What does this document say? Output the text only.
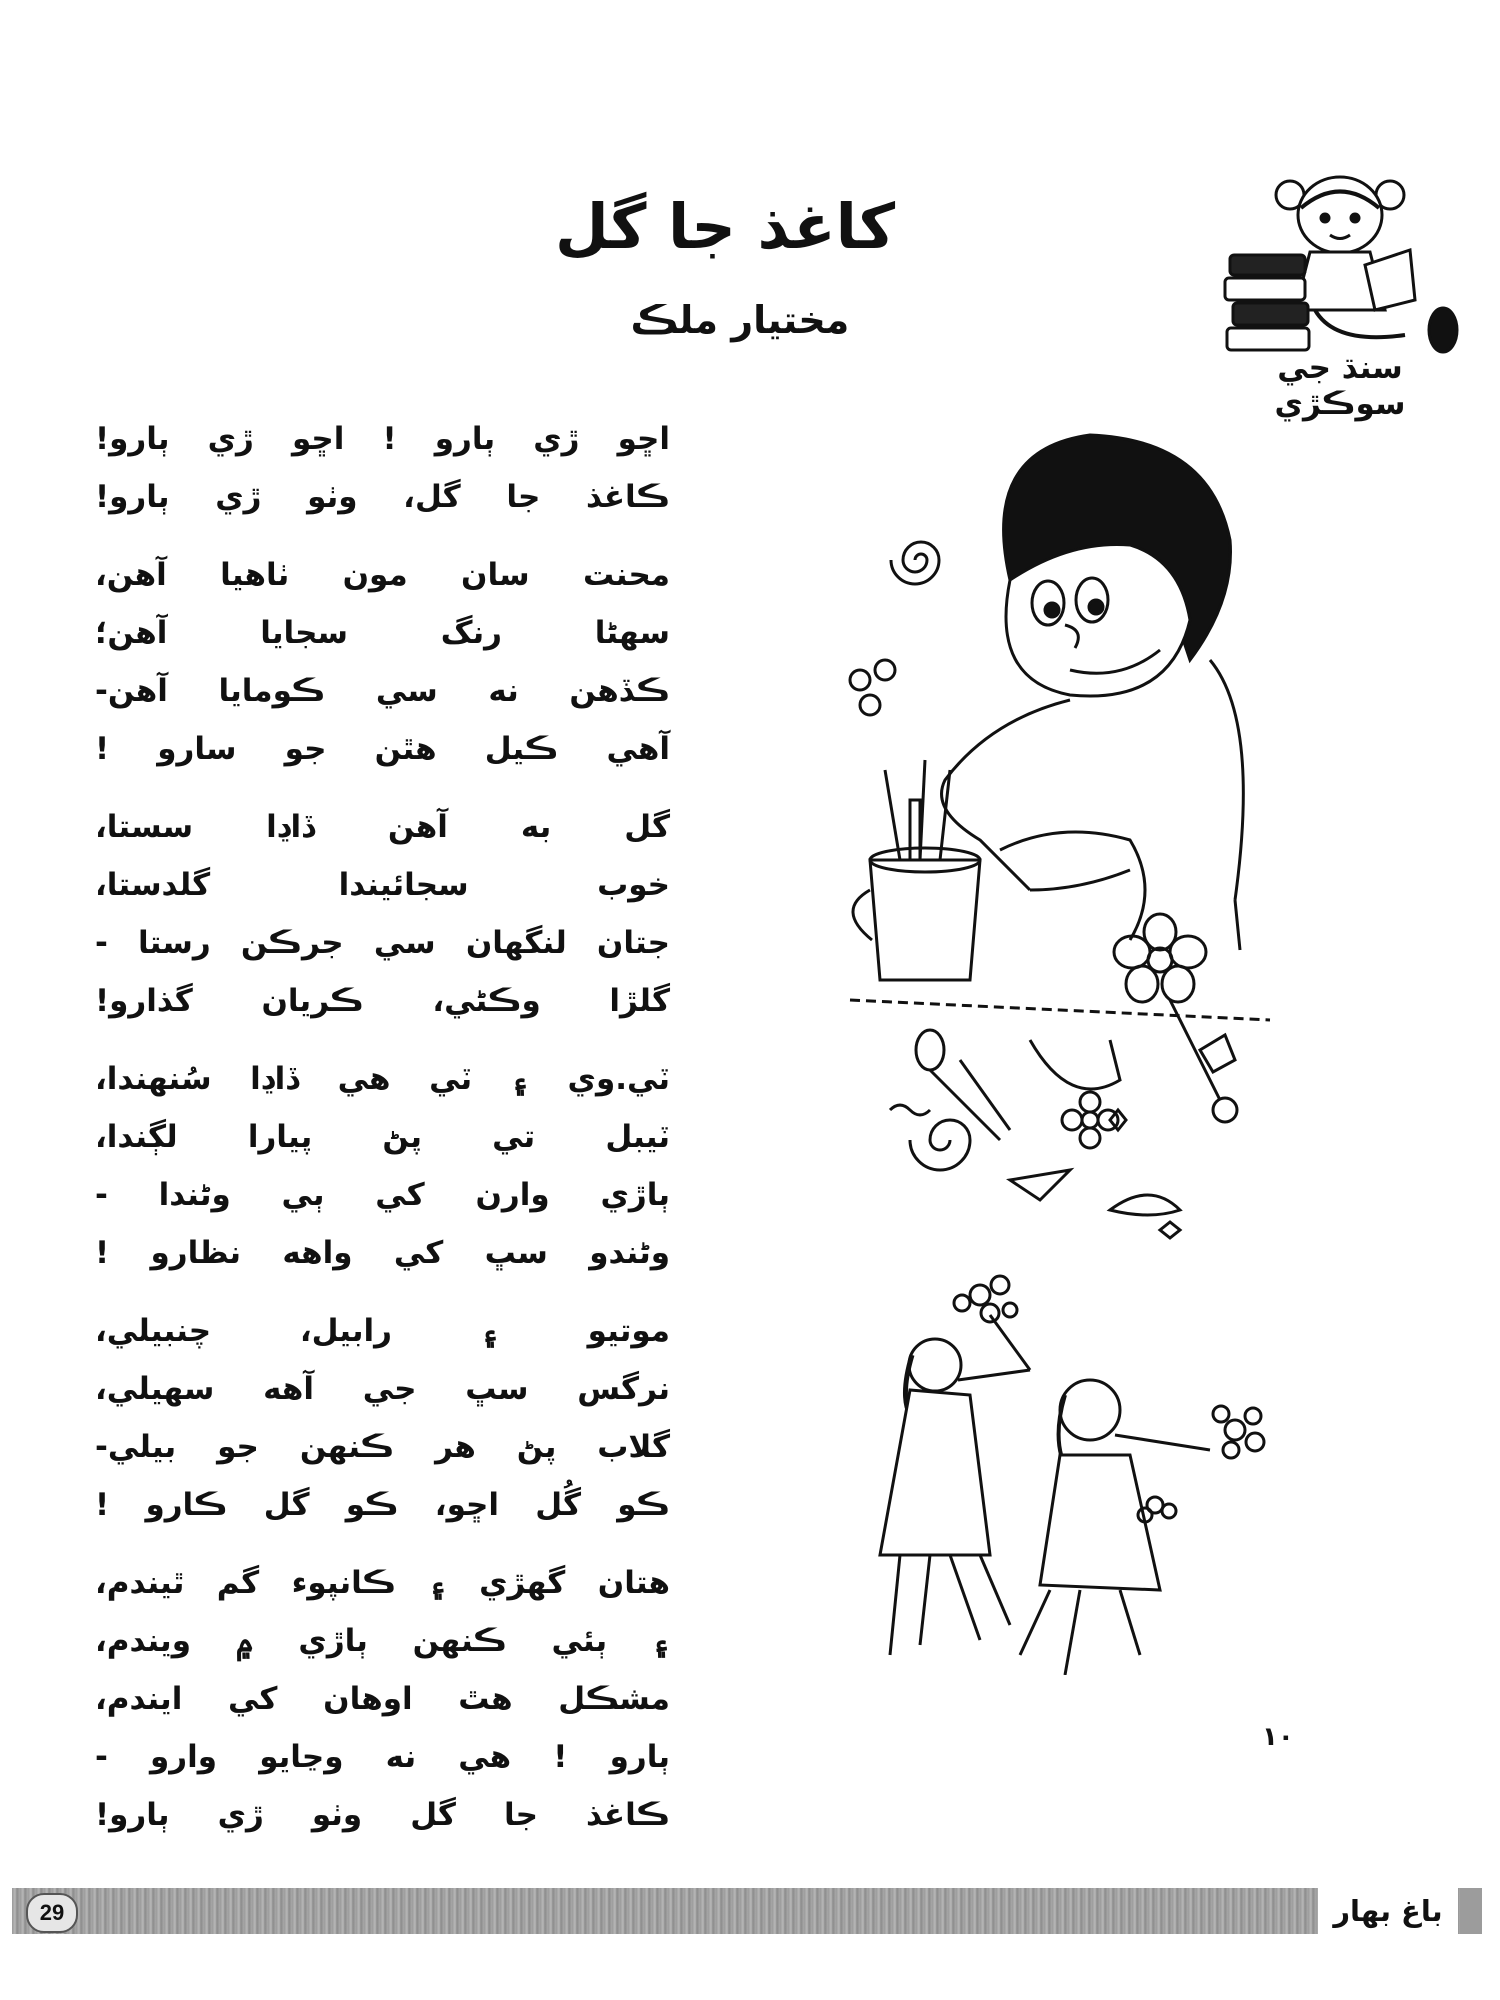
كاغذ جا گل
مختيار ملڪ
سنڌ جي سوڪڙي
اڇو ڙي ٻارو ! اڇو ڙي ٻارو!
ڪاغذ جا گل، وٺو ڙي ٻارو!
محنت سان مون ٺاهيا آهن،
سهڻا رنگ سجايا آهن؛
ڪڏهن نه سي ڪومايا آهن-
آهي ڪيل هٿن جو سارو !
گل به آهن ڏاڍا سستا،
خوب سجائيندا گلدستا،
جتان لنگهان سي جرڪن رستا -
گلڙا وڪڻي، ڪريان گذارو!
ٽي.وي ۽ ٽي هي ڏاڍا سُنهندا،
ٽيبل تي پڻ پيارا لڳندا،
ٻاڙي وارن کي ٻي وڻندا -
وڻندو سڀ کي واهه نظارو !
موتيو ۽ رابيل، چنبيلي،
نرگس سڀ جي آهه سهيلي،
گلاب پڻ هر ڪنهن جو بيلي-
ڪو گُل اڇو، ڪو گل ڪارو !
هتان گهڙي ۽ ڪانپوء گم ٿيندم،
۽ ٻئي ڪنهن ٻاڙي ۾ ويندم،
مشڪل هٿ اوهان کي ايندم،
ٻارو ! هي نه وڃايو وارو -
ڪاغذ جا گل وٺو ڙي ٻارو!
١٠
29	باغ بهار
